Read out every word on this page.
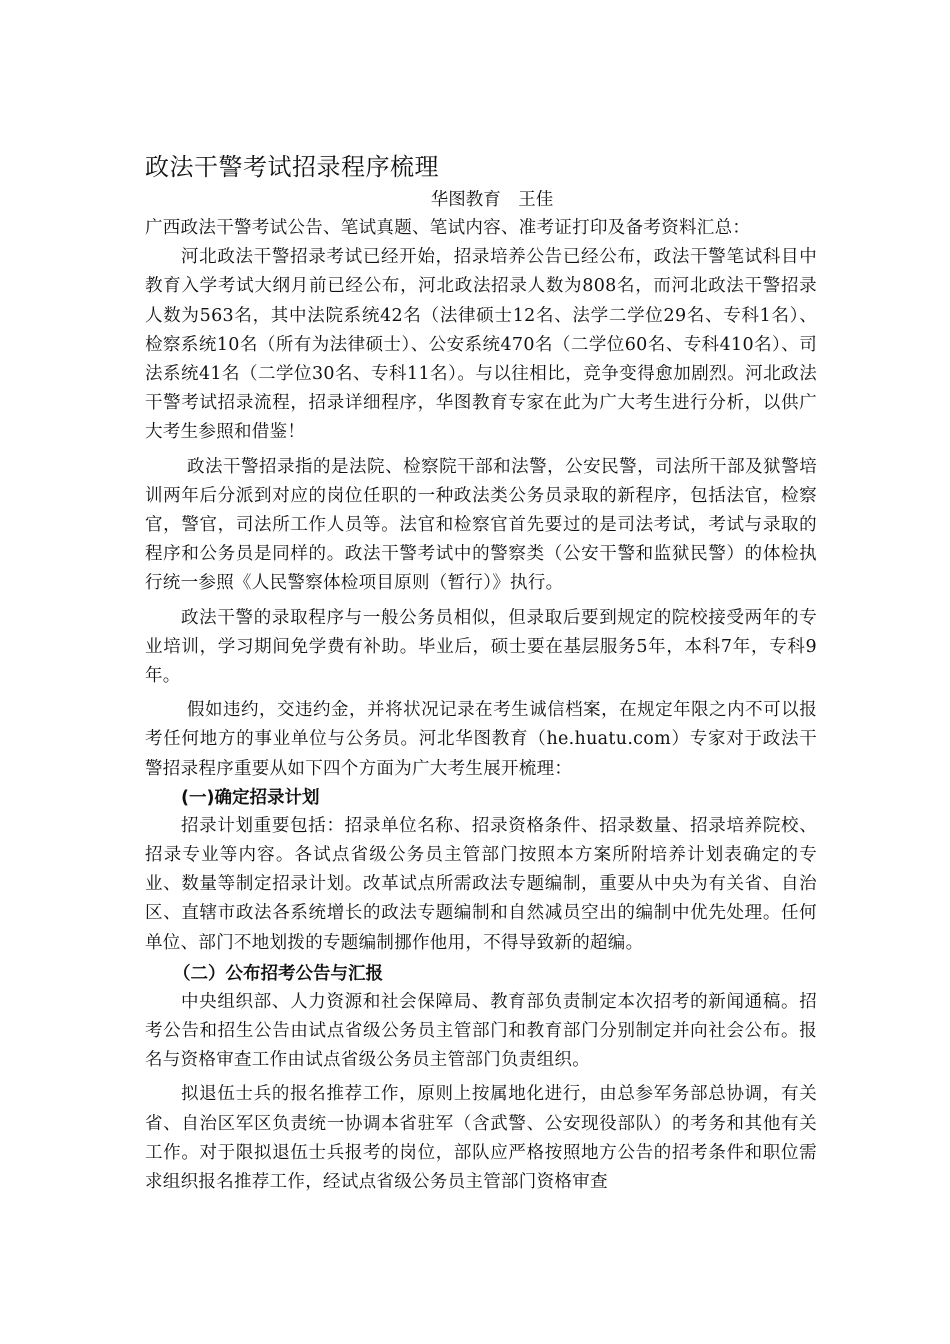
政法干警考试招录程序梳理
华图教育　王佳

广西政法干警考试公告、笔试真题、笔试内容、准考证打印及备考资料汇总：

河北政法干警招录考试已经开始，招录培养公告已经公布，政法干警笔试科目中教育入学考试大纲月前已经公布，河北政法招录人数为808名，而河北政法干警招录人数为563名，其中法院系统42名（法律硕士12名、法学二学位29名、专科1名）、检察系统10名（所有为法律硕士）、公安系统470名（二学位60名、专科410名）、司法系统41名（二学位30名、专科11名）。与以往相比，竞争变得愈加剧烈。河北政法干警考试招录流程，招录详细程序，华图教育专家在此为广大考生进行分析，以供广大考生参照和借鉴！

政法干警招录指的是法院、检察院干部和法警，公安民警，司法所干部及狱警培训两年后分派到对应的岗位任职的一种政法类公务员录取的新程序，包括法官，检察官，警官，司法所工作人员等。法官和检察官首先要过的是司法考试，考试与录取的程序和公务员是同样的。政法干警考试中的警察类（公安干警和监狱民警）的体检执行统一参照《人民警察体检项目原则（暂行）》执行。

政法干警的录取程序与一般公务员相似，但录取后要到规定的院校接受两年的专业培训，学习期间免学费有补助。毕业后，硕士要在基层服务5年，本科7年，专科9年。

假如违约，交违约金，并将状况记录在考生诚信档案，在规定年限之内不可以报考任何地方的事业单位与公务员。河北华图教育（he.huatu.com）专家对于政法干警招录程序重要从如下四个方面为广大考生展开梳理：

(一)确定招录计划

招录计划重要包括：招录单位名称、招录资格条件、招录数量、招录培养院校、招录专业等内容。各试点省级公务员主管部门按照本方案所附培养计划表确定的专业、数量等制定招录计划。改革试点所需政法专题编制，重要从中央为有关省、自治区、直辖市政法各系统增长的政法专题编制和自然减员空出的编制中优先处理。任何单位、部门不地划拨的专题编制挪作他用，不得导致新的超编。

（二）公布招考公告与汇报

中央组织部、人力资源和社会保障局、教育部负责制定本次招考的新闻通稿。招考公告和招生公告由试点省级公务员主管部门和教育部门分别制定并向社会公布。报名与资格审查工作由试点省级公务员主管部门负责组织。

拟退伍士兵的报名推荐工作，原则上按属地化进行，由总参军务部总协调，有关省、自治区军区负责统一协调本省驻军（含武警、公安现役部队）的考务和其他有关工作。对于限拟退伍士兵报考的岗位，部队应严格按照地方公告的招考条件和职位需求组织报名推荐工作，经试点省级公务员主管部门资格审查
